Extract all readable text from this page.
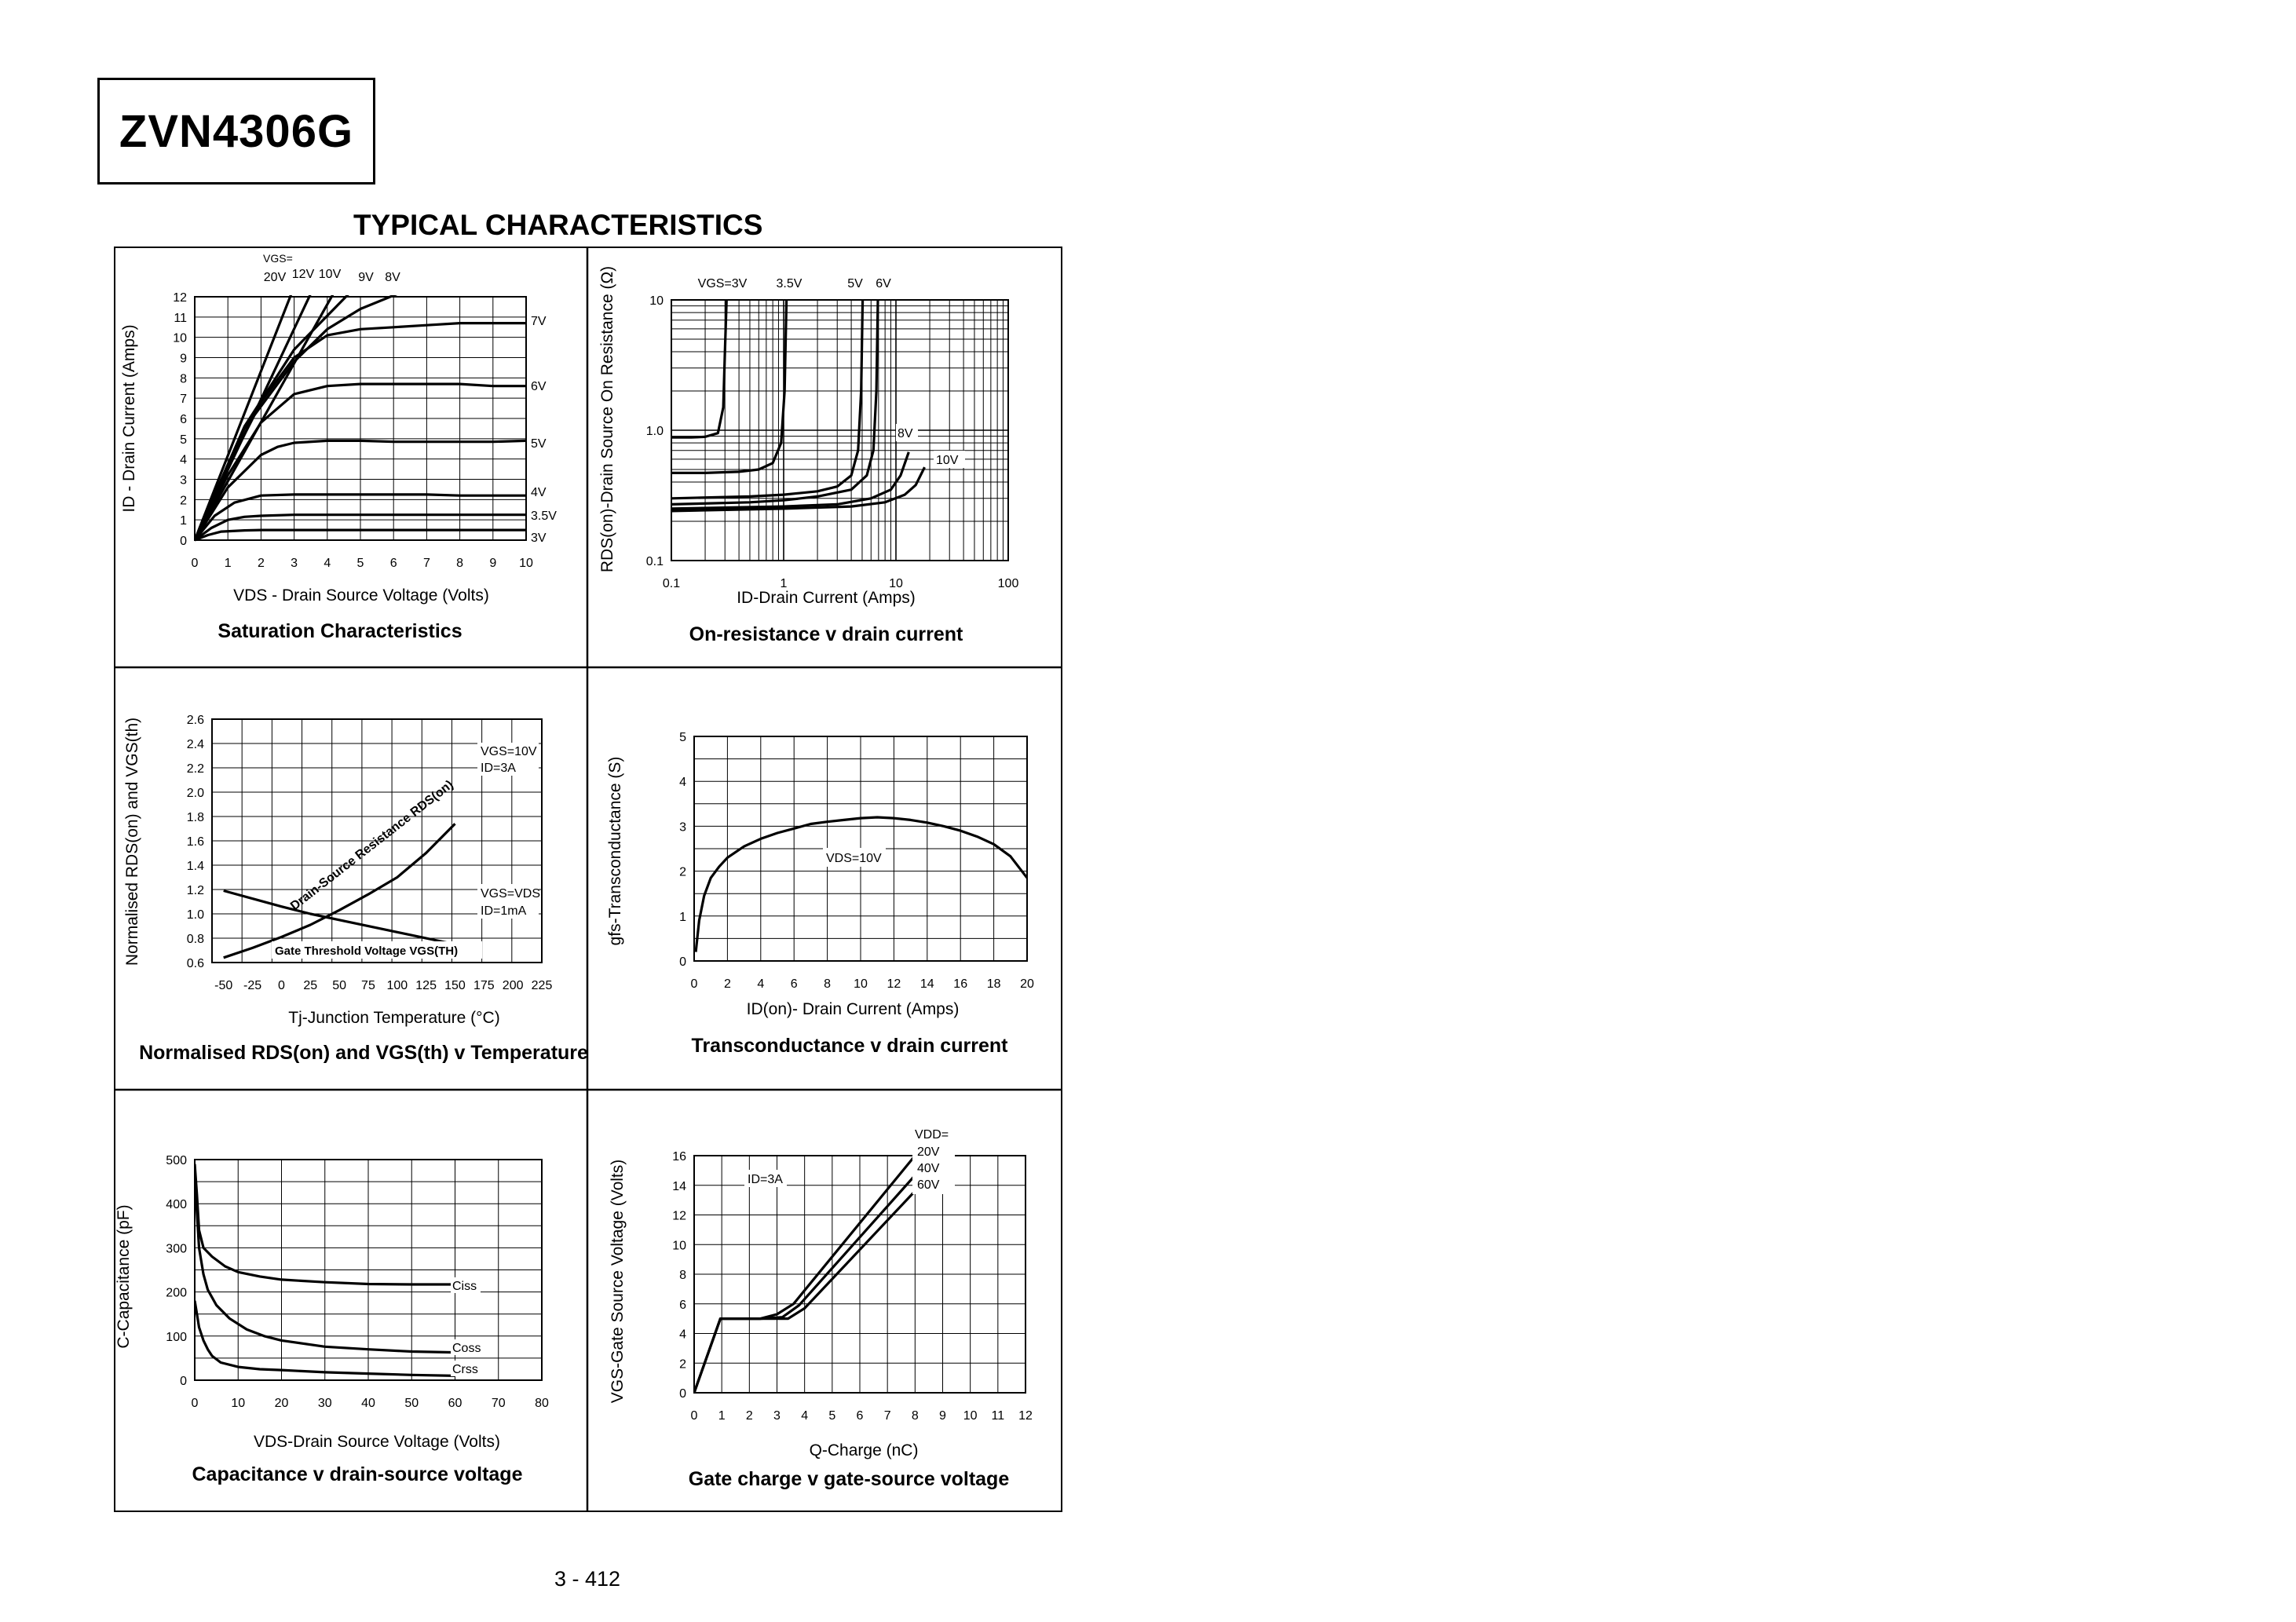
ZVN4306G
TYPICAL CHARACTERISTICS
0 1 2 3 4 5 6 7 8 9 10
0
1
2
3
4
5
6
7
8
9
10
11
12
VDS - Drain Source Voltage (Volts)
ID - Drain Current (Amps)
Saturation Characteristics
VGS=
20V 12V 10V 9V 8V
7V
6V
5V
4V
3.5V
3V
0.1	1	10	100
0.1
1.0
10
ID-Drain Current (Amps)
RDS(on)-Drain Source On Resistance (Ω)
On-resistance v drain current
VGS=3V 3.5V	5V 6V
8V
10V
-50 -25 0 25 50 75 100 125 150 175 200 225
0.6
0.8
1.0
1.2
1.4
1.6
1.8
2.0
2.2
2.4
2.6
Tj-Junction Temperature (°C)
Normalised RDS(on) and VGS(th)
Normalised RDS(on) and VGS(th) v Temperature
VGS=10V
ID=3A
VGS=VDS
ID=1mA
Drain-Source Resistance RDS(on)
Gate Threshold Voltage VGS(TH)
0 2 4 6 8 10 12 14 16 18 20
0
1
2
3
4
5
ID(on)- Drain Current (Amps)
gfs-Transconductance (S)
Transconductance v drain current
VDS=10V
0	10 20 30 40 50 60 70 80
0
100
200
300
400
500
VDS-Drain Source Voltage (Volts)
C-Capacitance (pF)
Capacitance v drain-source voltage
Ciss
Coss
Crss
0 1 2 3 4 5 6 7 8 9 10 11 12
0
2
4
6
8
10
12
14
16
Q-Charge (nC)
VGS-Gate Source Voltage (Volts)
Gate charge v gate-source voltage
ID=3A
VDD=
20V
40V
60V
3 - 412
